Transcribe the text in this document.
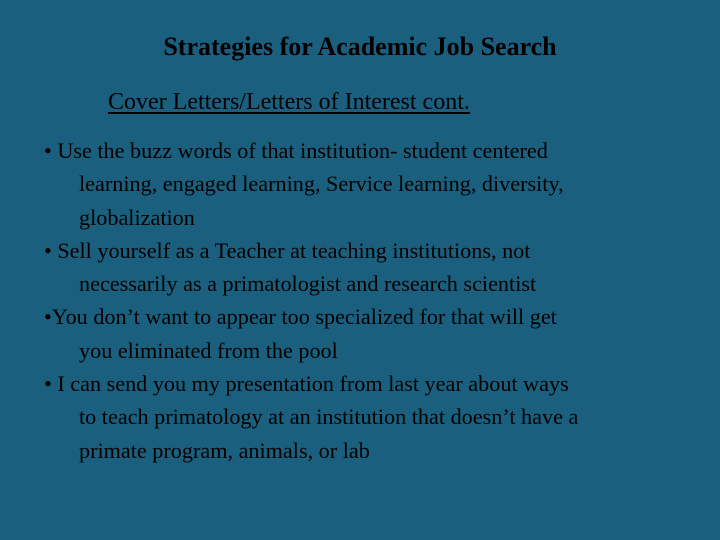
Strategies for Academic Job Search
Cover Letters/Letters of Interest cont.
• Use the buzz words of that institution- student centered
learning, engaged learning, Service learning, diversity,
globalization
• Sell yourself as a Teacher at teaching institutions, not
necessarily as a primatologist and research scientist
•You don’t want to appear too specialized for that will get
you eliminated from the pool
• I can send you my presentation from last year about ways
to teach primatology at an institution that doesn’t have a
primate program, animals, or lab
